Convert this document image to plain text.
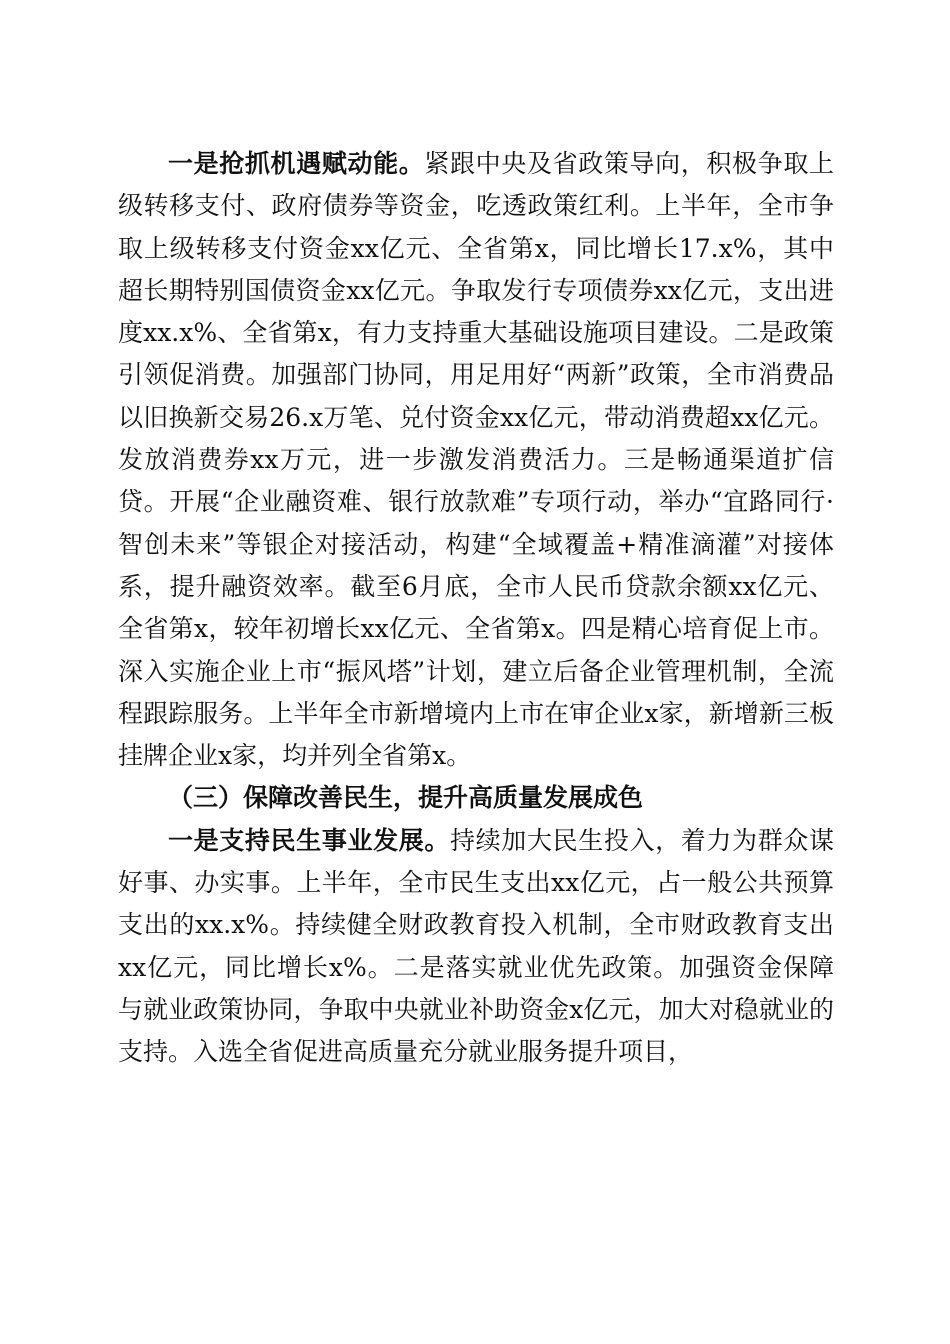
一是抢抓机遇赋动能。紧跟中央及省政策导向，积极争取上级转移支付、政府债券等资金，吃透政策红利。上半年，全市争取上级转移支付资金xx亿元、全省第x，同比增长17.x%，其中超长期特别国债资金xx亿元。争取发行专项债券xx亿元，支出进度xx.x%、全省第x，有力支持重大基础设施项目建设。二是政策引领促消费。加强部门协同，用足用好“两新”政策，全市消费品以旧换新交易26.x万笔、兑付资金xx亿元，带动消费超xx亿元。发放消费券xx万元，进一步激发消费活力。三是畅通渠道扩信贷。开展“企业融资难、银行放款难”专项行动，举办“宜路同行·智创未来”等银企对接活动，构建“全域覆盖+精准滴灌”对接体系，提升融资效率。截至6月底，全市人民币贷款余额xx亿元、全省第x，较年初增长xx亿元、全省第x。四是精心培育促上市。深入实施企业上市“振风塔”计划，建立后备企业管理机制，全流程跟踪服务。上半年全市新增境内上市在审企业x家，新增新三板挂牌企业x家，均并列全省第x。

（三）保障改善民生，提升高质量发展成色

一是支持民生事业发展。持续加大民生投入，着力为群众谋好事、办实事。上半年，全市民生支出xx亿元，占一般公共预算支出的xx.x%。持续健全财政教育投入机制，全市财政教育支出xx亿元，同比增长x%。二是落实就业优先政策。加强资金保障与就业政策协同，争取中央就业补助资金x亿元，加大对稳就业的支持。入选全省促进高质量充分就业服务提升项目，
